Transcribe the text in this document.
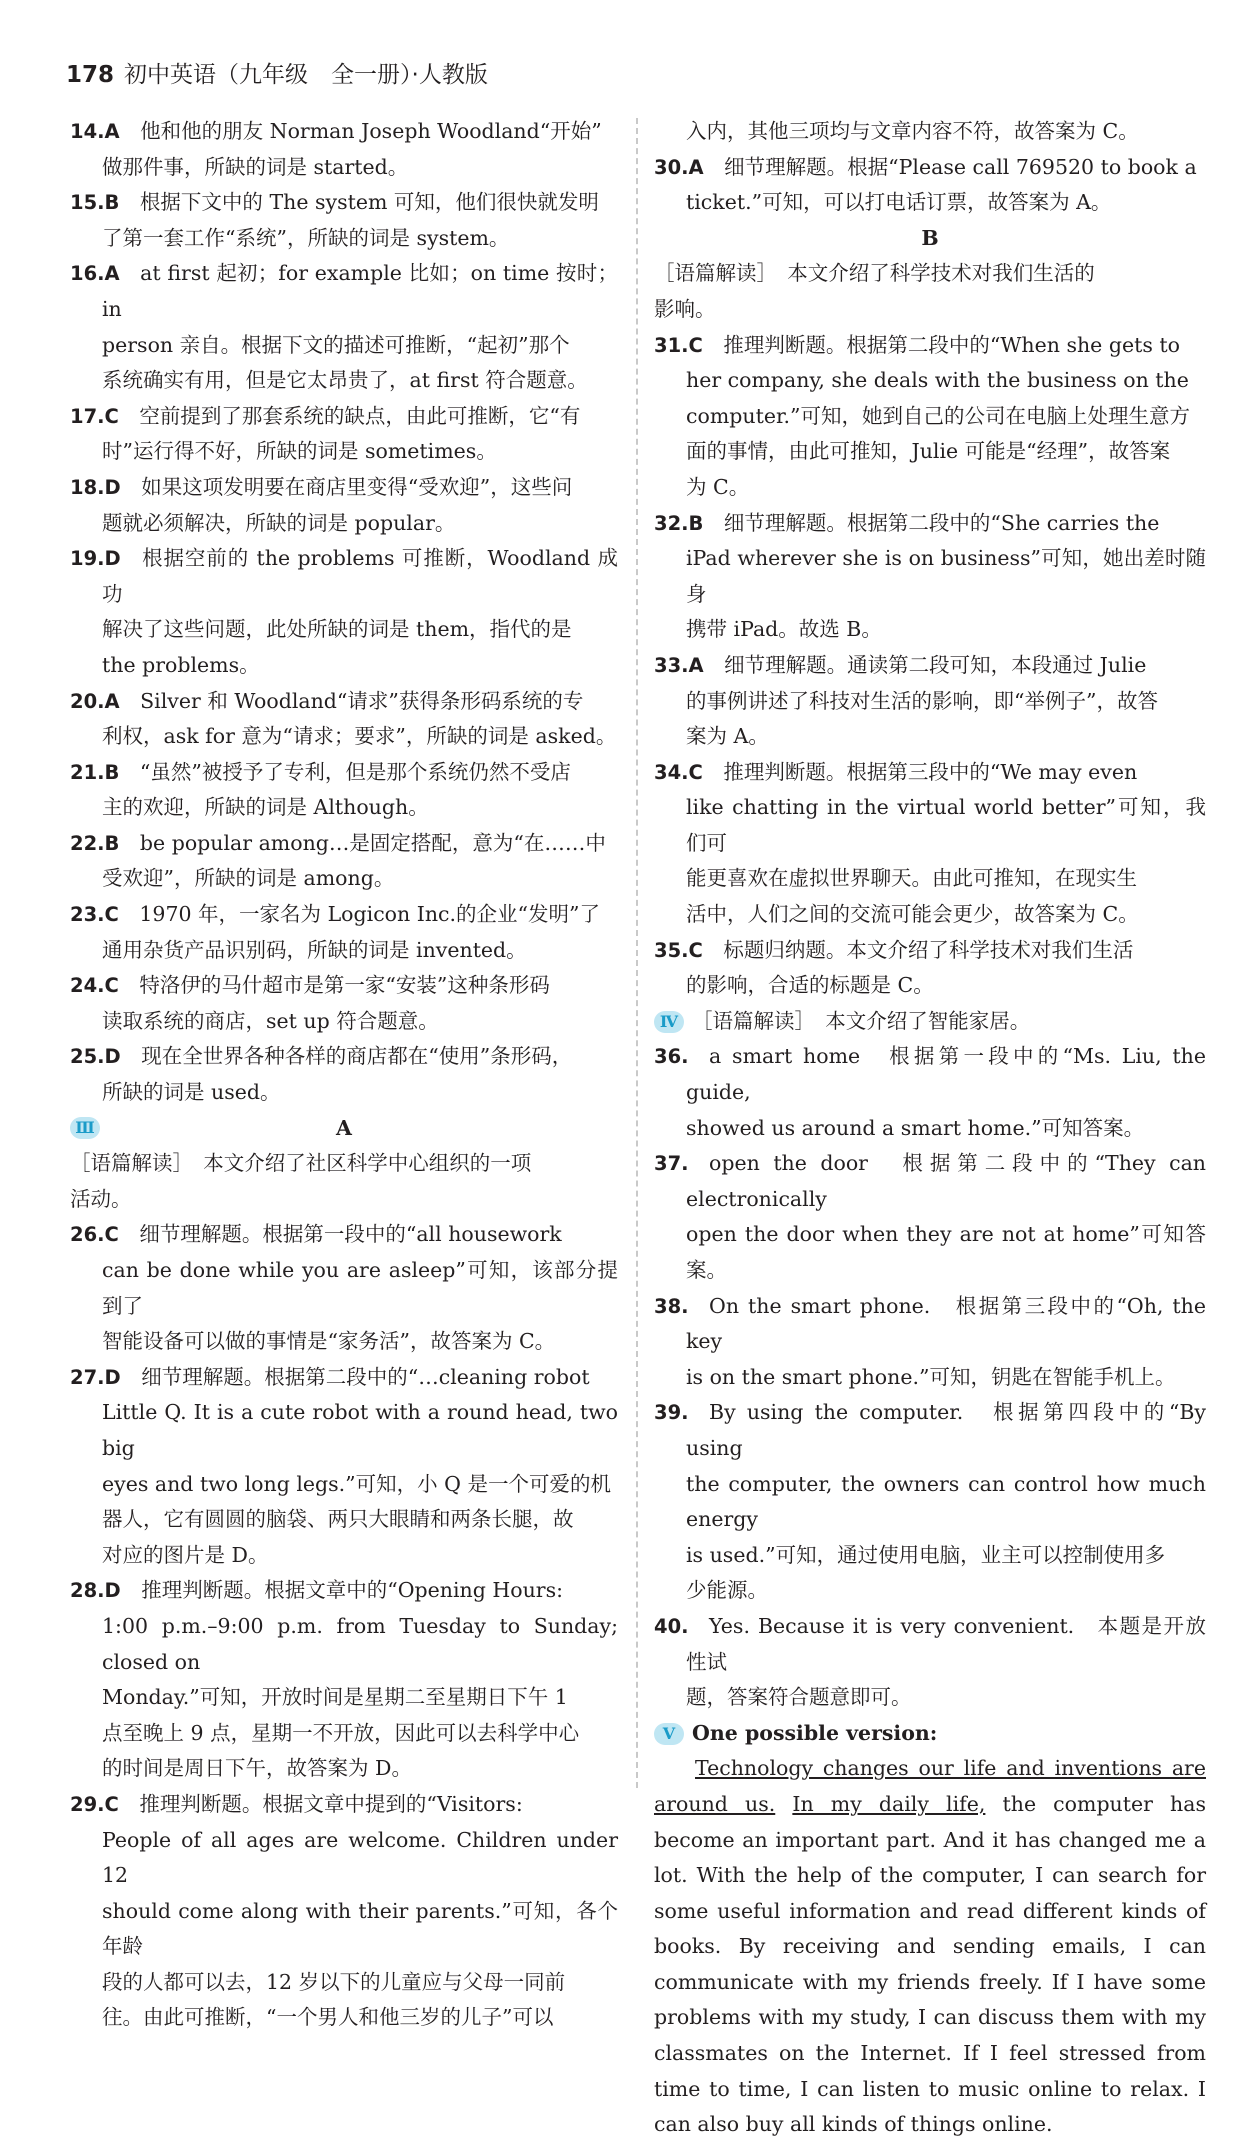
178 初中英语（九年级　全一册）·人教版
14.A  他和他的朋友 Norman Joseph Woodland“开始”
做那件事，所缺的词是 started。
15.B  根据下文中的 The system 可知，他们很快就发明
了第一套工作“系统”，所缺的词是 system。
16.A  at first 起初；for example 比如；on time 按时；in
person 亲自。根据下文的描述可推断，“起初”那个
系统确实有用，但是它太昂贵了，at first 符合题意。
17.C  空前提到了那套系统的缺点，由此可推断，它“有
时”运行得不好，所缺的词是 sometimes。
18.D  如果这项发明要在商店里变得“受欢迎”，这些问
题就必须解决，所缺的词是 popular。
19.D  根据空前的 the problems 可推断，Woodland 成功
解决了这些问题，此处所缺的词是 them，指代的是
the problems。
20.A  Silver 和 Woodland“请求”获得条形码系统的专
利权，ask for 意为“请求；要求”，所缺的词是 asked。
21.B  “虽然”被授予了专利，但是那个系统仍然不受店
主的欢迎，所缺的词是 Although。
22.B  be popular among…是固定搭配，意为“在……中
受欢迎”，所缺的词是 among。
23.C  1970 年，一家名为 Logicon Inc.的企业“发明”了
通用杂货产品识别码，所缺的词是 invented。
24.C  特洛伊的马什超市是第一家“安装”这种条形码
读取系统的商店，set up 符合题意。
25.D  现在全世界各种各样的商店都在“使用”条形码，
所缺的词是 used。
Ⅲ	A
［语篇解读］　本文介绍了社区科学中心组织的一项
活动。
26.C  细节理解题。根据第一段中的“all housework
can be done while you are asleep”可知，该部分提到了
智能设备可以做的事情是“家务活”，故答案为 C。
27.D  细节理解题。根据第二段中的“…cleaning robot
Little Q. It is a cute robot with a round head, two big
eyes and two long legs.”可知，小 Q 是一个可爱的机
器人，它有圆圆的脑袋、两只大眼睛和两条长腿，故
对应的图片是 D。
28.D  推理判断题。根据文章中的“Opening Hours:
1:00 p.m.–9:00 p.m. from Tuesday to Sunday; closed on
Monday.”可知，开放时间是星期二至星期日下午 1
点至晚上 9 点，星期一不开放，因此可以去科学中心
的时间是周日下午，故答案为 D。
29.C  推理判断题。根据文章中提到的“Visitors:
People of all ages are welcome. Children under 12
should come along with their parents.”可知，各个年龄
段的人都可以去，12 岁以下的儿童应与父母一同前
往。由此可推断，“一个男人和他三岁的儿子”可以
入内，其他三项均与文章内容不符，故答案为 C。
30.A  细节理解题。根据“Please call 769520 to book a
ticket.”可知，可以打电话订票，故答案为 A。
B
［语篇解读］　本文介绍了科学技术对我们生活的
影响。
31.C  推理判断题。根据第二段中的“When she gets to
her company, she deals with the business on the
computer.”可知，她到自己的公司在电脑上处理生意方
面的事情，由此可推知，Julie 可能是“经理”，故答案
为 C。
32.B  细节理解题。根据第二段中的“She carries the
iPad wherever she is on business”可知，她出差时随身
携带 iPad。故选 B。
33.A  细节理解题。通读第二段可知，本段通过 Julie
的事例讲述了科技对生活的影响，即“举例子”，故答
案为 A。
34.C  推理判断题。根据第三段中的“We may even
like chatting in the virtual world better”可知，我们可
能更喜欢在虚拟世界聊天。由此可推知，在现实生
活中，人们之间的交流可能会更少，故答案为 C。
35.C  标题归纳题。本文介绍了科学技术对我们生活
的影响，合适的标题是 C。
Ⅳ ［语篇解读］　本文介绍了智能家居。
36.  a smart home　根据第一段中的“Ms. Liu, the guide,
showed us around a smart home.”可知答案。
37.  open the door　根据第二段中的“They can electronically
open the door when they are not at home”可知答案。
38.  On the smart phone.　根据第三段中的“Oh, the key
is on the smart phone.”可知，钥匙在智能手机上。
39.  By using the computer.　根据第四段中的“By using
the computer, the owners can control how much energy
is used.”可知，通过使用电脑，业主可以控制使用多
少能源。
40.  Yes. Because it is very convenient.　本题是开放性试
题，答案符合题意即可。
Ⅴ One possible version:
Technology changes our life and inventions are around us. In my daily life, the computer has become an important part. And it has changed me a lot. With the help of the computer, I can search for some useful information and read different kinds of books. By receiving and sending emails, I can communicate with my friends freely. If I have some problems with my study, I can discuss them with my classmates on the Internet. If I feel stressed from time to time, I can listen to music online to relax. I can also buy all kinds of things online.
